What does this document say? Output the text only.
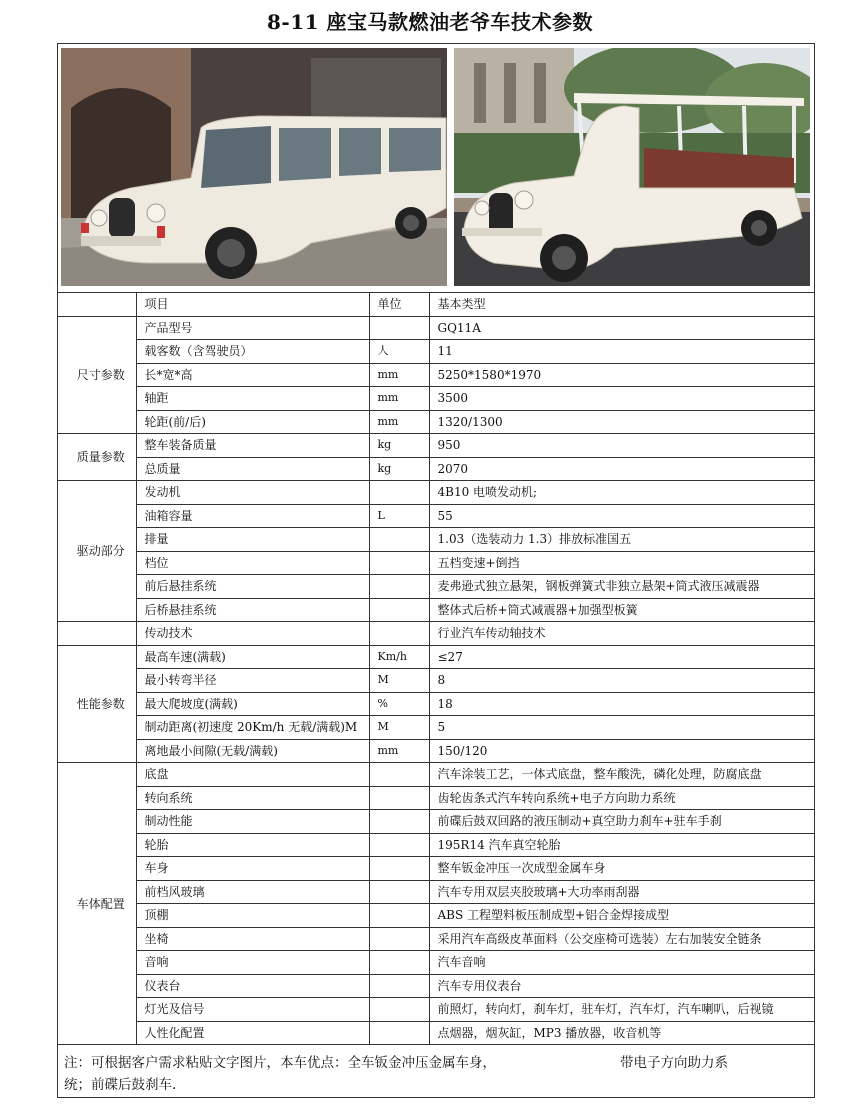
8-11 座宝马款燃油老爷车技术参数
	项目	单位	基本类型
尺寸参数	产品型号		GQ11A
	载客数（含驾驶员）	人	11
	长*宽*高	mm	5250*1580*1970
	轴距	mm	3500
	轮距(前/后)	mm	1320/1300
质量参数	整车装备质量	kg	950
	总质量	kg	2070
驱动部分	发动机		4B10 电喷发动机;
	油箱容量	L	55
	排量		1.03（选装动力 1.3）排放标准国五
	档位		五档变速+倒挡
	前后悬挂系统		麦弗逊式独立悬架，钢板弹簧式非独立悬架+筒式液压减震器
	后桥悬挂系统		整体式后桥+筒式减震器+加强型板簧
	传动技术		行业汽车传动轴技术
性能参数	最高车速(满载)	Km/h	≤27
	最小转弯半径	M	8
	最大爬坡度(满载)	%	18
	制动距离(初速度 20Km/h 无载/满载)M	M	5
	离地最小间隙(无载/满载)	mm	150/120
车体配置	底盘		汽车涂装工艺，一体式底盘，整车酸洗，磷化处理，防腐底盘
	转向系统		齿轮齿条式汽车转向系统+电子方向助力系统
	制动性能		前碟后鼓双回路的液压制动+真空助力刹车+驻车手刹
	轮胎		195R14 汽车真空轮胎
	车身		整车钣金冲压一次成型金属车身
	前档风玻璃		汽车专用双层夹胶玻璃+大功率雨刮器
	顶棚		ABS 工程塑料板压制成型+铝合金焊接成型
	坐椅		采用汽车高级皮革面料（公交座椅可选装）左右加装安全链条
	音响		汽车音响
	仪表台		汽车专用仪表台
	灯光及信号		前照灯，转向灯，刹车灯，驻车灯，汽车灯，汽车喇叭，后视镜
	人性化配置		点烟器，烟灰缸，MP3 播放器，收音机等
注：可根据客户需求粘贴文字图片，本车优点：全车钣金冲压金属车身，	带电子方向助力系
统；前碟后鼓刹车.
